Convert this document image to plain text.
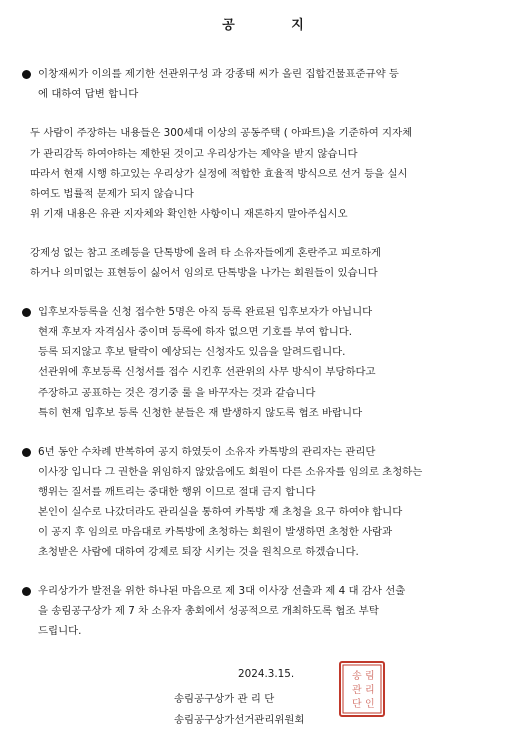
공 지
이창재씨가 이의를 제기한 선관위구성 과 강종태 씨가 올린 집합건물표준규약 등
에 대하여 답변 합니다
두 사람이 주장하는 내용들은 300세대 이상의 공동주택 ( 아파트)을 기준하여 지자체
가 관리감독 하여야하는 제한된 것이고 우리상가는 제약을 받지 않습니다
따라서 현재 시행 하고있는 우리상가 실정에 적합한 효율적 방식으로 선거 등을 실시
하여도 법률적 문제가 되지 않습니다
위 기재 내용은 유관 지자체와 확인한 사항이니 재론하지 말아주십시오
강제성 없는 참고 조례등을 단톡방에 올려 타 소유자들에게 혼란주고 피로하게
하거나 의미없는 표현등이 싫어서 임의로 단톡방을 나가는 회원들이 있습니다
입후보자등록을 신청 접수한 5명은 아직 등록 완료된 입후보자가 아닙니다
현재 후보자 자격심사 중이며 등록에 하자 없으면 기호를 부여 합니다.
등록 되지않고 후보 탈락이 예상되는 신청자도 있음을 알려드립니다.
선관위에 후보등록 신청서를 접수 시킨후 선관위의 사무 방식이 부당하다고
주장하고 공표하는 것은 경기중 룰 을 바꾸자는 것과 같습니다
특히 현재 입후보 등록 신청한 분들은 재 발생하지 않도록 협조 바랍니다
6년 동안 수차례 반복하여 공지 하였듯이 소유자 카톡방의 관리자는 관리단
이사장 입니다 그 권한을 위임하지 않았음에도 회원이 다른 소유자를 임의로 초청하는
행위는 질서를 깨트리는 중대한 행위 이므로 절대 금지 합니다
본인이 실수로 나갔더라도 관리실을 통하여 카톡방 재 초청을 요구 하여야 합니다
이 공지 후 임의로 마음대로 카톡방에 초청하는 회원이 발생하면 초청한 사람과
초청받은 사람에 대하여 강제로 퇴장 시키는 것을 원칙으로 하겠습니다.
우리상가가 발전을 위한 하나된 마음으로 제 3대 이사장 선출과 제 4 대 감사 선출
을 송림공구상가 제 7 차 소유자 총회에서 성공적으로 개최하도록 협조 부탁
드립니다.
2024.3.15.
송림공구상가 관 리 단
송림공구상가선거관리위원회
송 림
관 리
단 인
